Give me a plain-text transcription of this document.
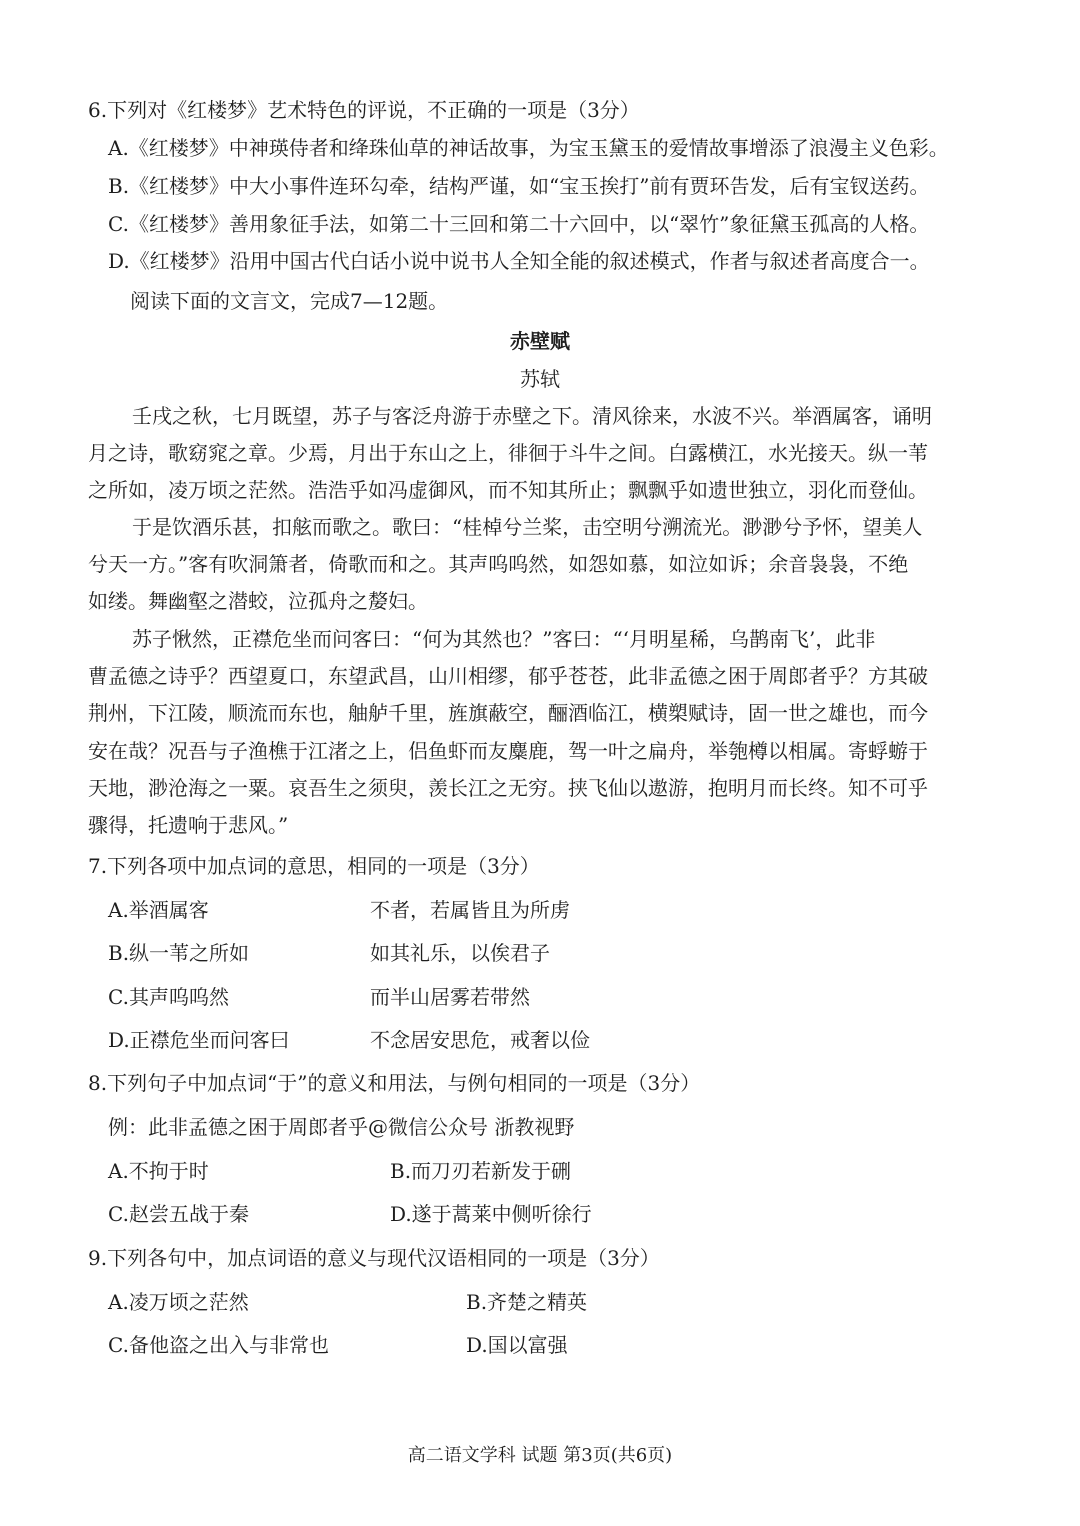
6.下列对《红楼梦》艺术特色的评说，不正确的一项是（3分）
A.《红楼梦》中神瑛侍者和绛珠仙草的神话故事，为宝玉黛玉的爱情故事增添了浪漫主义色彩。
B.《红楼梦》中大小事件连环勾牵，结构严谨，如“宝玉挨打”前有贾环告发，后有宝钗送药。
C.《红楼梦》善用象征手法，如第二十三回和第二十六回中，以“翠竹”象征黛玉孤高的人格。
D.《红楼梦》沿用中国古代白话小说中说书人全知全能的叙述模式，作者与叙述者高度合一。
阅读下面的文言文，完成7—12题。
赤壁赋
苏轼
壬戌之秋，七月既望，苏子与客泛舟游于赤壁之下。清风徐来，水波不兴。举酒属客，诵明
月之诗，歌窈窕之章。少焉，月出于东山之上，徘徊于斗牛之间。白露横江，水光接天。纵一苇
之所如，凌万顷之茫然。浩浩乎如冯虚御风，而不知其所止；飘飘乎如遗世独立，羽化而登仙。
于是饮酒乐甚，扣舷而歌之。歌曰：“桂棹兮兰桨，击空明兮溯流光。渺渺兮予怀，望美人
兮天一方。”客有吹洞箫者，倚歌而和之。其声呜呜然，如怨如慕，如泣如诉；余音袅袅，不绝
如缕。舞幽壑之潜蛟，泣孤舟之嫠妇。
苏子愀然，正襟危坐而问客曰：“何为其然也？”客曰：“‘月明星稀，乌鹊南飞’，此非
曹孟德之诗乎？西望夏口，东望武昌，山川相缪，郁乎苍苍，此非孟德之困于周郎者乎？方其破
荆州，下江陵，顺流而东也，舳舻千里，旌旗蔽空，酾酒临江，横槊赋诗，固一世之雄也，而今
安在哉？况吾与子渔樵于江渚之上，侣鱼虾而友麋鹿，驾一叶之扁舟，举匏樽以相属。寄蜉蝣于
天地，渺沧海之一粟。哀吾生之须臾，羡长江之无穷。挟飞仙以遨游，抱明月而长终。知不可乎
骤得，托遗响于悲风。”
7.下列各项中加点词的意思，相同的一项是（3分）
A.举酒属客	不者，若属皆且为所虏
B.纵一苇之所如	如其礼乐，以俟君子
C.其声呜呜然	而半山居雾若带然
D.正襟危坐而问客曰	不念居安思危，戒奢以俭
8.下列句子中加点词“于”的意义和用法，与例句相同的一项是（3分）
例：此非孟德之困于周郎者乎@微信公众号 浙教视野
A.不拘于时	B.而刀刃若新发于硎
C.赵尝五战于秦	D.遂于蒿莱中侧听徐行
9.下列各句中，加点词语的意义与现代汉语相同的一项是（3分）
A.凌万顷之茫然	B.齐楚之精英
C.备他盗之出入与非常也	D.国以富强
高二语文学科 试题 第3页(共6页)
